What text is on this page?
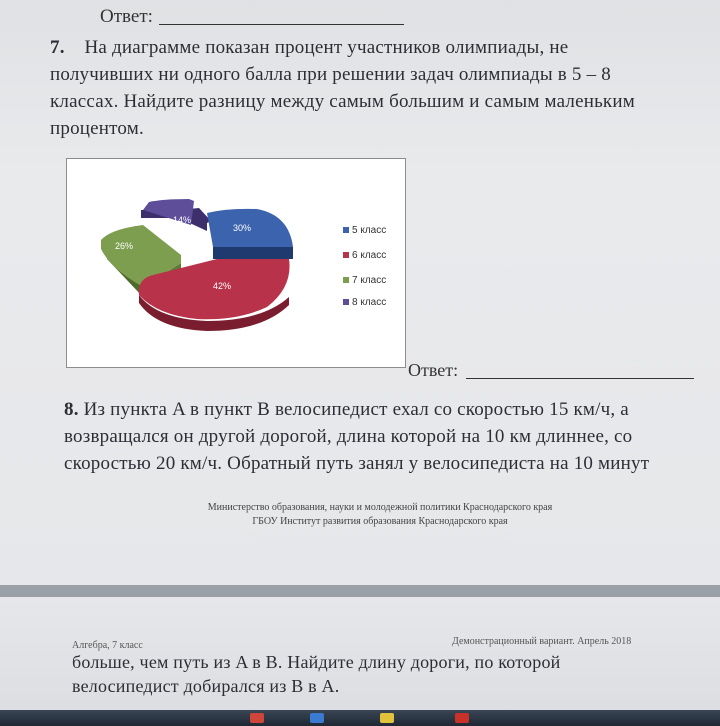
Ответ:
7. На диаграмме показан процент участников олимпиады, не
получивших ни одного балла при решении задач олимпиады в 5 – 8
классах. Найдите разницу между самым большим и самым маленьким
процентом.
14%
30%
26%
42%
5 класс
6 класс
7 класс
8 класс
Ответ:
8. Из пункта A в пункт B велосипедист ехал со скоростью 15 км/ч, а
возвращался он другой дорогой, длина которой на 10 км длиннее, со
скоростью 20 км/ч. Обратный путь занял у велосипедиста на 10 минут
Министерство образования, науки и молодежной политики Краснодарского края
ГБОУ Институт развития образования Краснодарского края
Алгебра, 7 класс	Демонстрационный вариант. Апрель 2018
больше, чем путь из A в B. Найдите длину дороги, по которой
велосипедист добирался из B в A.
